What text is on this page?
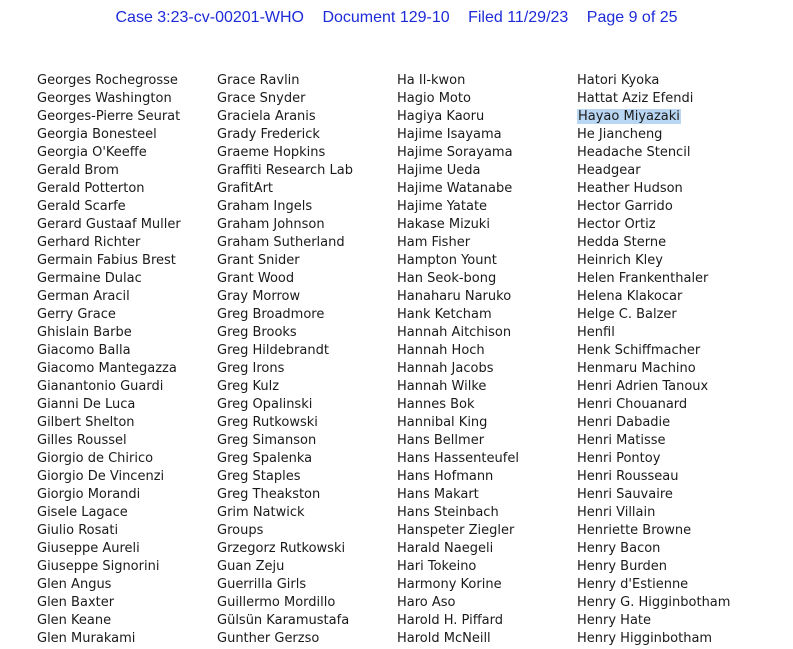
Case 3:23-cv-00201-WHO Document 129-10 Filed 11/29/23 Page 9 of 25
Georges Rochegrosse
Georges Washington
Georges-Pierre Seurat
Georgia Bonesteel
Georgia O'Keeffe
Gerald Brom
Gerald Potterton
Gerald Scarfe
Gerard Gustaaf Muller
Gerhard Richter
Germain Fabius Brest
Germaine Dulac
German Aracil
Gerry Grace
Ghislain Barbe
Giacomo Balla
Giacomo Mantegazza
Gianantonio Guardi
Gianni De Luca
Gilbert Shelton
Gilles Roussel
Giorgio de Chirico
Giorgio De Vincenzi
Giorgio Morandi
Gisele Lagace
Giulio Rosati
Giuseppe Aureli
Giuseppe Signorini
Glen Angus
Glen Baxter
Glen Keane
Glen Murakami
Grace Ravlin
Grace Snyder
Graciela Aranis
Grady Frederick
Graeme Hopkins
Graffiti Research Lab
GrafitArt
Graham Ingels
Graham Johnson
Graham Sutherland
Grant Snider
Grant Wood
Gray Morrow
Greg Broadmore
Greg Brooks
Greg Hildebrandt
Greg Irons
Greg Kulz
Greg Opalinski
Greg Rutkowski
Greg Simanson
Greg Spalenka
Greg Staples
Greg Theakston
Grim Natwick
Groups
Grzegorz Rutkowski
Guan Zeju
Guerrilla Girls
Guillermo Mordillo
Gülsün Karamustafa
Gunther Gerzso
Ha Il-kwon
Hagio Moto
Hagiya Kaoru
Hajime Isayama
Hajime Sorayama
Hajime Ueda
Hajime Watanabe
Hajime Yatate
Hakase Mizuki
Ham Fisher
Hampton Yount
Han Seok-bong
Hanaharu Naruko
Hank Ketcham
Hannah Aitchison
Hannah Hoch
Hannah Jacobs
Hannah Wilke
Hannes Bok
Hannibal King
Hans Bellmer
Hans Hassenteufel
Hans Hofmann
Hans Makart
Hans Steinbach
Hanspeter Ziegler
Harald Naegeli
Hari Tokeino
Harmony Korine
Haro Aso
Harold H. Piffard
Harold McNeill
Hatori Kyoka
Hattat Aziz Efendi
Hayao Miyazaki
He Jiancheng
Headache Stencil
Headgear
Heather Hudson
Hector Garrido
Hector Ortiz
Hedda Sterne
Heinrich Kley
Helen Frankenthaler
Helena Klakocar
Helge C. Balzer
Henfil
Henk Schiffmacher
Henmaru Machino
Henri Adrien Tanoux
Henri Chouanard
Henri Dabadie
Henri Matisse
Henri Pontoy
Henri Rousseau
Henri Sauvaire
Henri Villain
Henriette Browne
Henry Bacon
Henry Burden
Henry d'Estienne
Henry G. Higginbotham
Henry Hate
Henry Higginbotham
